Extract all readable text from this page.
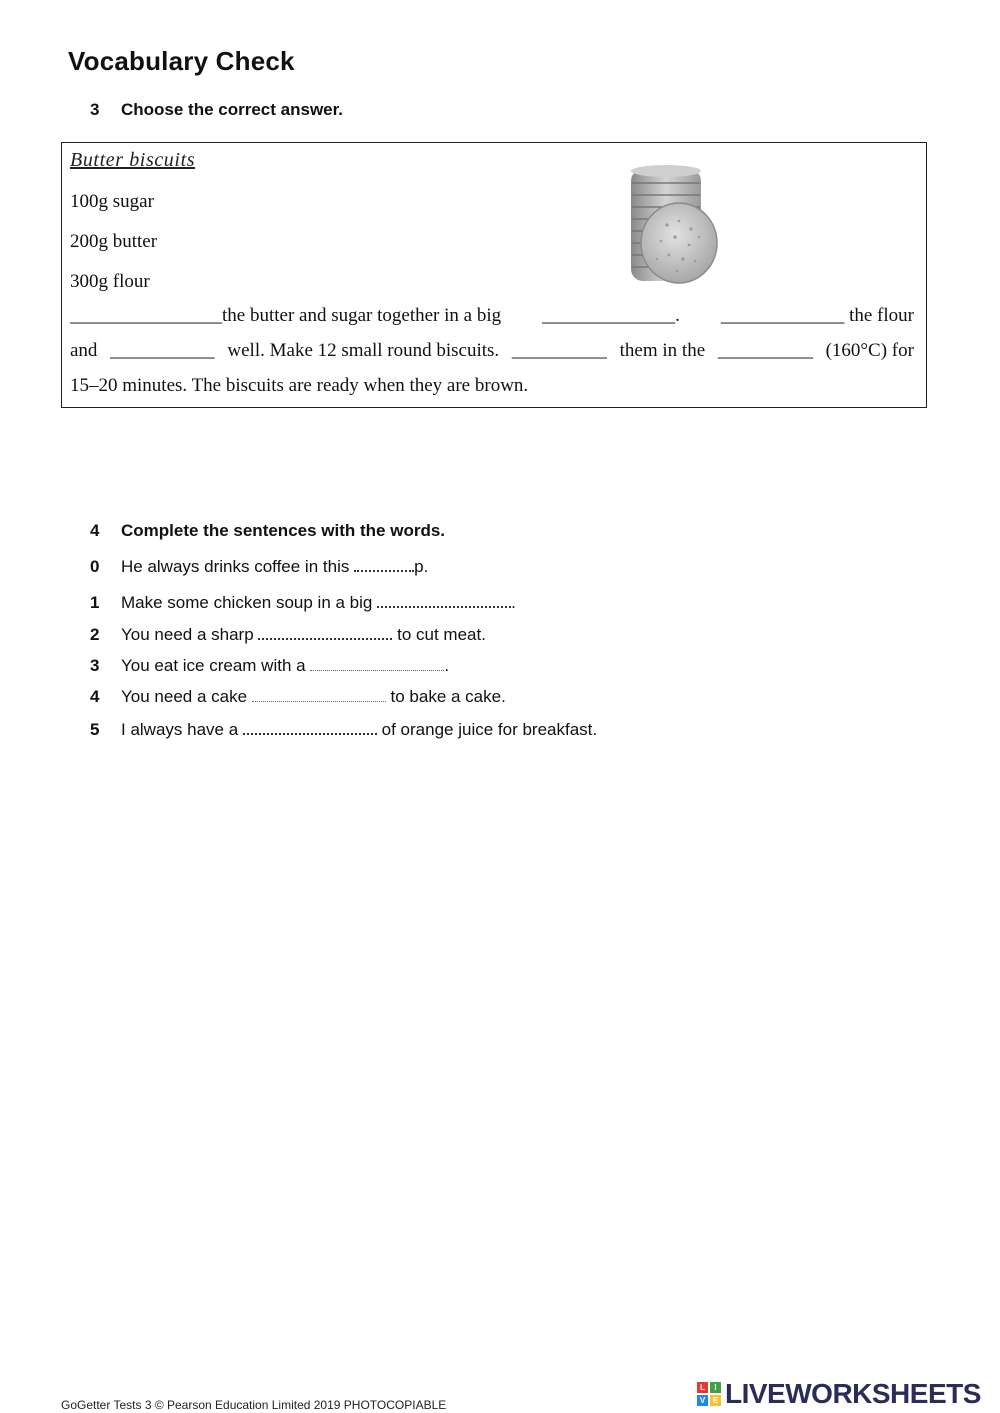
Vocabulary Check
3 Choose the correct answer.
Butter biscuits
100g sugar
200g butter
300g flour
________________the butter and sugar together in a big ______________. _____________ the flour
and ___________ well. Make 12 small round biscuits. __________ them in the __________ (160°C) for
15–20 minutes. The biscuits are ready when they are brown.
4 Complete the sentences with the words.
0 He always drinks coffee in this	p.
1 Make some chicken soup in a big	.
2 You need a sharp	to cut meat.
3 You eat ice cream with a	.
4 You need a cake	to bake a cake.
5 I always have a	of orange juice for breakfast.
GoGetter Tests 3 © Pearson Education Limited 2019 PHOTOCOPIABLE
L	I
V E LIVEWORKSHEETS
